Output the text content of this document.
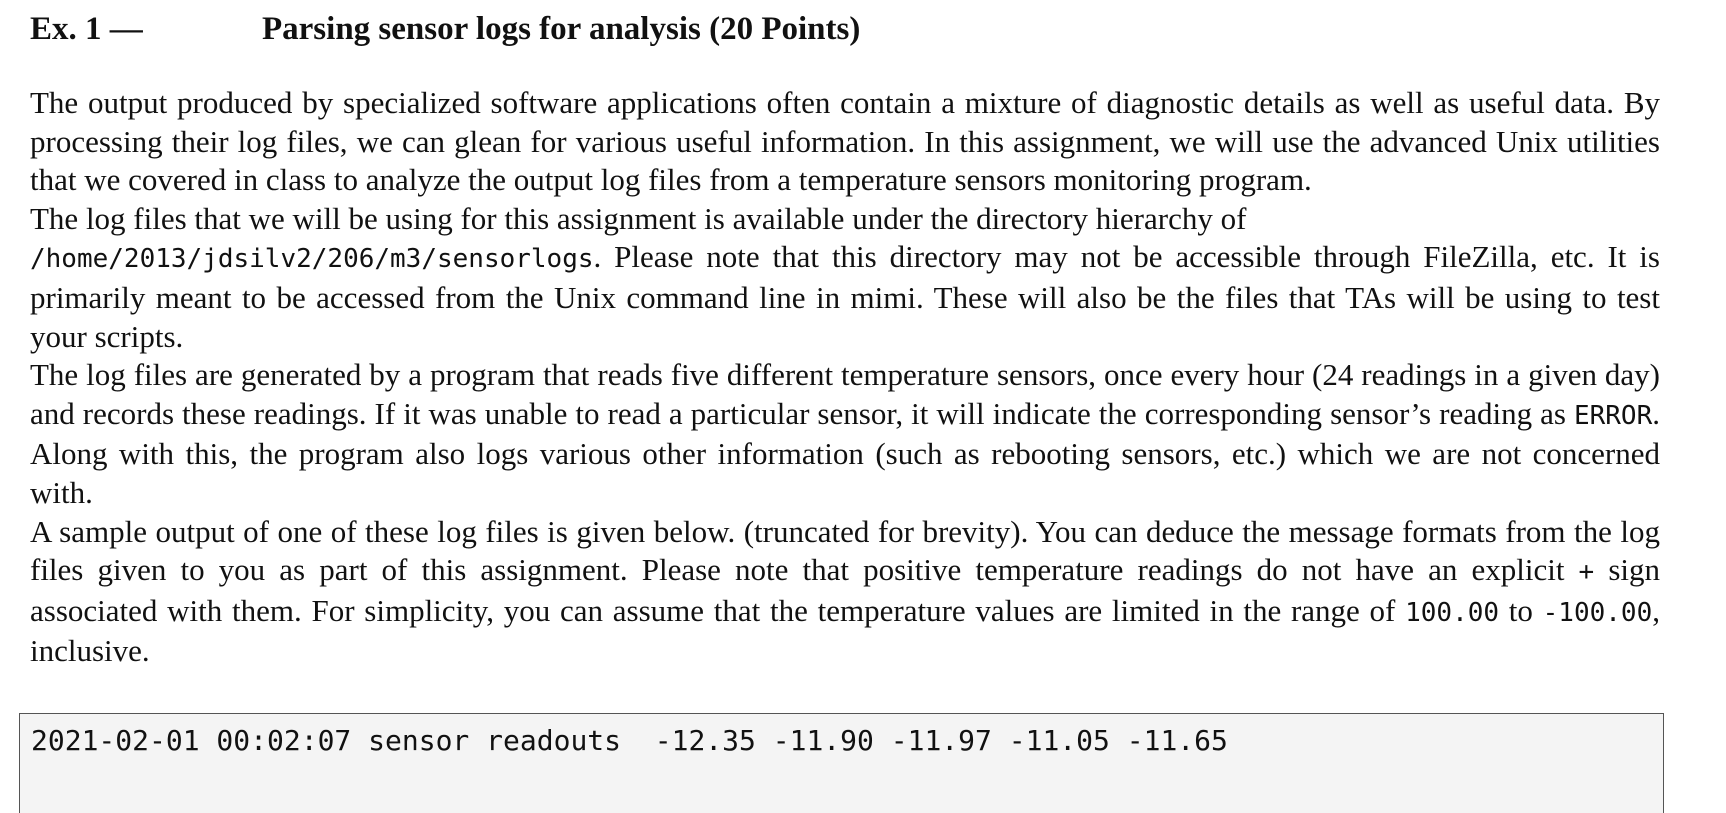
Ex. 1 —	Parsing sensor logs for analysis (20 Points)

The output produced by specialized software applications often contain a mixture of diagnostic details as well as useful data. By processing their log files, we can glean for various useful information. In this assignment, we will use the advanced Unix utilities that we covered in class to analyze the output log files from a temperature sensors monitoring program.

The log files that we will be using for this assignment is available under the directory hierarchy of
/home/2013/jdsilv2/206/m3/sensorlogs. Please note that this directory may not be accessible through FileZilla, etc. It is primarily meant to be accessed from the Unix command line in mimi. These will also be the files that TAs will be using to test your scripts.

The log files are generated by a program that reads five different temperature sensors, once every hour (24 readings in a given day) and records these readings. If it was unable to read a particular sensor, it will indicate the corresponding sensor’s reading as ERROR. Along with this, the program also logs various other information (such as rebooting sensors, etc.) which we are not concerned with.

A sample output of one of these log files is given below. (truncated for brevity). You can deduce the message formats from the log files given to you as part of this assignment. Please note that positive temperature readings do not have an explicit + sign associated with them. For simplicity, you can assume that the temperature values are limited in the range of 100.00 to -100.00, inclusive.

2021-02-01 00:02:07 sensor readouts  -12.35 -11.90 -11.97 -11.05 -11.65
